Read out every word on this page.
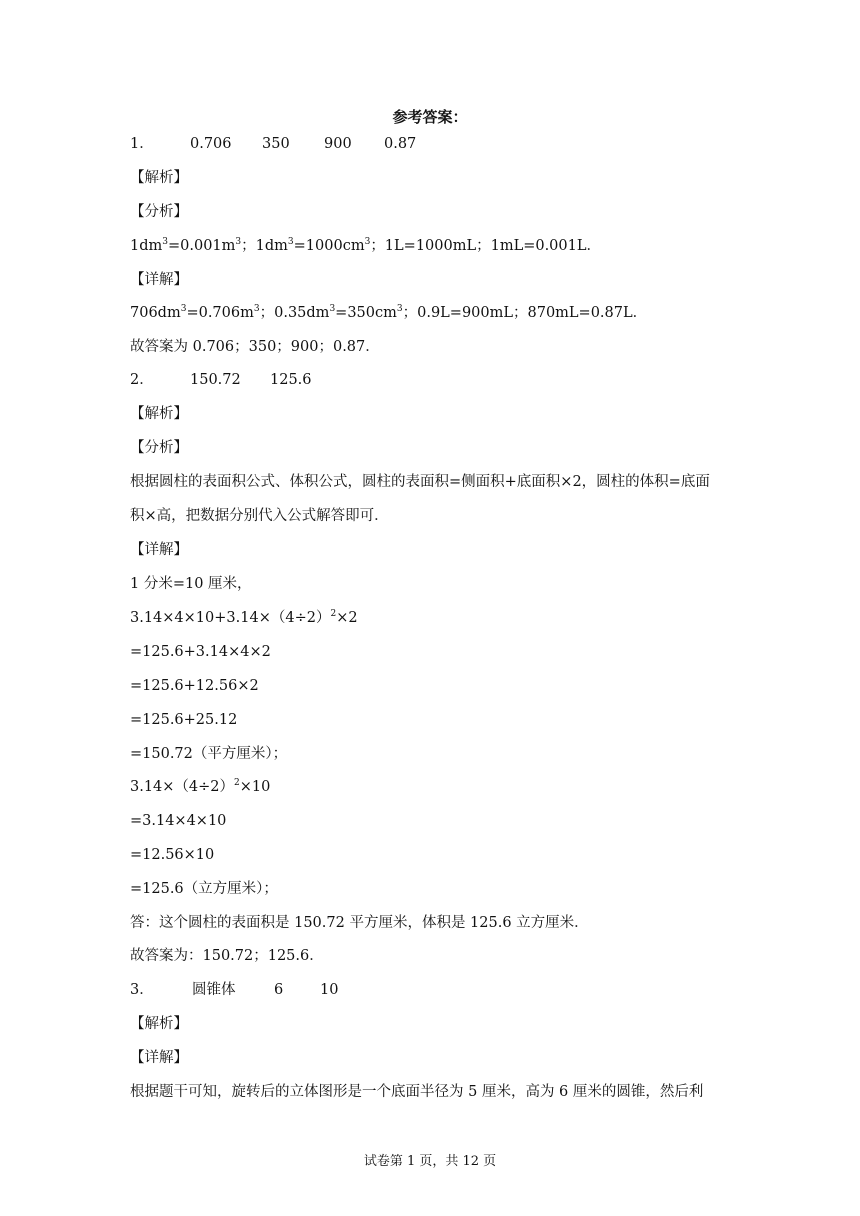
参考答案：
1．	0.706 350 900 0.87
【解析】
【分析】
$1dm^3=0.001m^3$；$1dm^3=1000cm^3$；1L=1000mL；1mL=0.001L．
【详解】
$706dm^3=0.706m^3$；$0.35dm^3=350cm^3$；0.9L=900mL；870mL=0.87L．
故答案为 0.706；350；900；0.87．
2．	150.72 125.6
【解析】
【分析】
根据圆柱的表面积公式、体积公式，圆柱的表面积=侧面积+底面积×2，圆柱的体积=底面
积×高，把数据分别代入公式解答即可．
【详解】
1 分米=10 厘米，
$3.14\times 4\times 10+3.14\times(4\div 2)^2\times 2$
=125.6+3.14×4×2
=125.6+12.56×2
=125.6+25.12
=150.72（平方厘米）；
$3.14\times(4\div 2)^2\times 10$
=3.14×4×10
=12.56×10
=125.6（立方厘米）；
答：这个圆柱的表面积是 150.72 平方厘米，体积是 125.6 立方厘米．
故答案为：150.72；125.6．
3．	圆锥体	6	10
【解析】
【详解】
根据题干可知，旋转后的立体图形是一个底面半径为 5 厘米，高为 6 厘米的圆锥，然后利
试卷第 1 页，共 12 页
